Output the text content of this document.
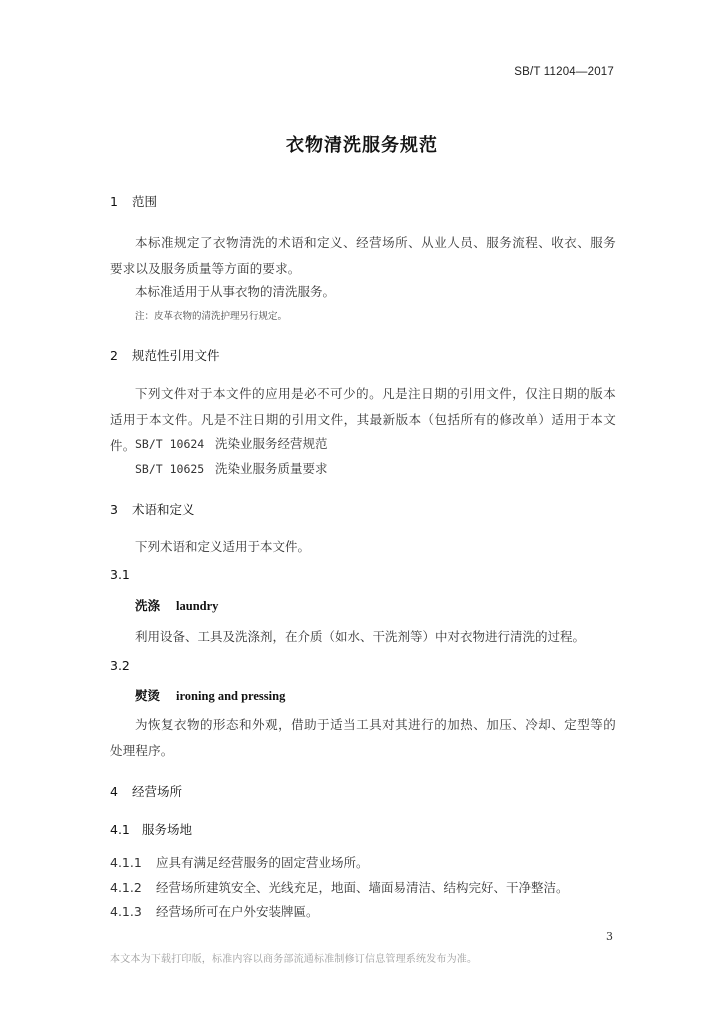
SB/T 11204—2017
衣物清洗服务规范
1 范围
本标准规定了衣物清洗的术语和定义、经营场所、从业人员、服务流程、收衣、服务要求以及服务质量等方面的要求。
本标准适用于从事衣物的清洗服务。
注：皮革衣物的清洗护理另行规定。
2 规范性引用文件
下列文件对于本文件的应用是必不可少的。凡是注日期的引用文件，仅注日期的版本适用于本文件。凡是不注日期的引用文件，其最新版本（包括所有的修改单）适用于本文件。 SB/T 10624 洗染业服务经营规范
SB/T 10625 洗染业服务质量要求
3 术语和定义
下列术语和定义适用于本文件。
3.1
洗涤 laundry
利用设备、工具及洗涤剂，在介质（如水、干洗剂等）中对衣物进行清洗的过程。
3.2
熨烫 ironing and pressing
为恢复衣物的形态和外观，借助于适当工具对其进行的加热、加压、冷却、定型等的处理程序。
4 经营场所
4.1 服务场地
4.1.1 应具有满足经营服务的固定营业场所。
4.1.2 经营场所建筑安全、光线充足，地面、墙面易清洁、结构完好、干净整洁。
4.1.3 经营场所可在户外安装牌匾。
3
本文本为下载打印版，标准内容以商务部流通标准制修订信息管理系统发布为准。
